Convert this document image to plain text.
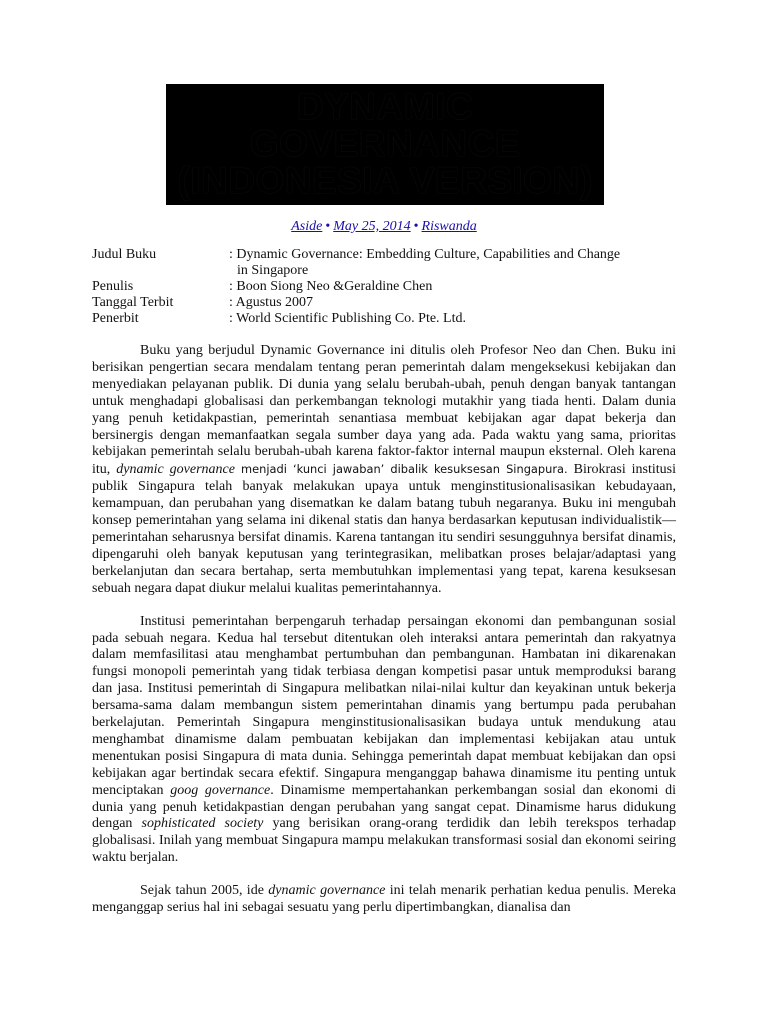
DYNAMIC GOVERNANCE
(INDONESIA VERSION)
Aside • May 25, 2014 • Riswanda
Judul Buku	: Dynamic Governance: Embedding Culture, Capabilities and Change
in Singapore
Penulis	: Boon Siong Neo &Geraldine Chen
Tanggal Terbit	: Agustus 2007
Penerbit	: World Scientific Publishing Co. Pte. Ltd.

Buku yang berjudul Dynamic Governance ini ditulis oleh Profesor Neo dan Chen. Buku ini berisikan pengertian secara mendalam tentang peran pemerintah dalam mengeksekusi kebijakan dan menyediakan pelayanan publik. Di dunia yang selalu berubah-ubah, penuh dengan banyak tantangan untuk menghadapi globalisasi dan perkembangan teknologi mutakhir yang tiada henti. Dalam dunia yang penuh ketidakpastian, pemerintah senantiasa membuat kebijakan agar dapat bekerja dan bersinergis dengan memanfaatkan segala sumber daya yang ada. Pada waktu yang sama, prioritas kebijakan pemerintah selalu berubah-ubah karena faktor-faktor internal maupun eksternal. Oleh karena itu, dynamic governance menjadi ‘kunci jawaban’ dibalik kesuksesan Singapura. Birokrasi institusi publik Singapura telah banyak melakukan upaya untuk menginstitusionalisasikan kebudayaan, kemampuan, dan perubahan yang disematkan ke dalam batang tubuh negaranya. Buku ini mengubah konsep pemerintahan yang selama ini dikenal statis dan hanya berdasarkan keputusan individualistik—pemerintahan seharusnya bersifat dinamis. Karena tantangan itu sendiri sesungguhnya bersifat dinamis, dipengaruhi oleh banyak keputusan yang terintegrasikan, melibatkan proses belajar/adaptasi yang berkelanjutan dan secara bertahap, serta membutuhkan implementasi yang tepat, karena kesuksesan sebuah negara dapat diukur melalui kualitas pemerintahannya.

Institusi pemerintahan berpengaruh terhadap persaingan ekonomi dan pembangunan sosial pada sebuah negara. Kedua hal tersebut ditentukan oleh interaksi antara pemerintah dan rakyatnya dalam memfasilitasi atau menghambat pertumbuhan dan pembangunan. Hambatan ini dikarenakan fungsi monopoli pemerintah yang tidak terbiasa dengan kompetisi pasar untuk memproduksi barang dan jasa. Institusi pemerintah di Singapura melibatkan nilai-nilai kultur dan keyakinan untuk bekerja bersama-sama dalam membangun sistem pemerintahan dinamis yang bertumpu pada perubahan berkelajutan. Pemerintah Singapura menginstitusionalisasikan budaya untuk mendukung atau menghambat dinamisme dalam pembuatan kebijakan dan implementasi kebijakan atau untuk menentukan posisi Singapura di mata dunia. Sehingga pemerintah dapat membuat kebijakan dan opsi kebijakan agar bertindak secara efektif. Singapura menganggap bahawa dinamisme itu penting untuk menciptakan goog governance. Dinamisme mempertahankan perkembangan sosial dan ekonomi di dunia yang penuh ketidakpastian dengan perubahan yang sangat cepat. Dinamisme harus didukung dengan sophisticated society yang berisikan orang-orang terdidik dan lebih terekspos terhadap globalisasi. Inilah yang membuat Singapura mampu melakukan transformasi sosial dan ekonomi seiring waktu berjalan.

Sejak tahun 2005, ide dynamic governance ini telah menarik perhatian kedua penulis. Mereka menganggap serius hal ini sebagai sesuatu yang perlu dipertimbangkan, dianalisa dan
